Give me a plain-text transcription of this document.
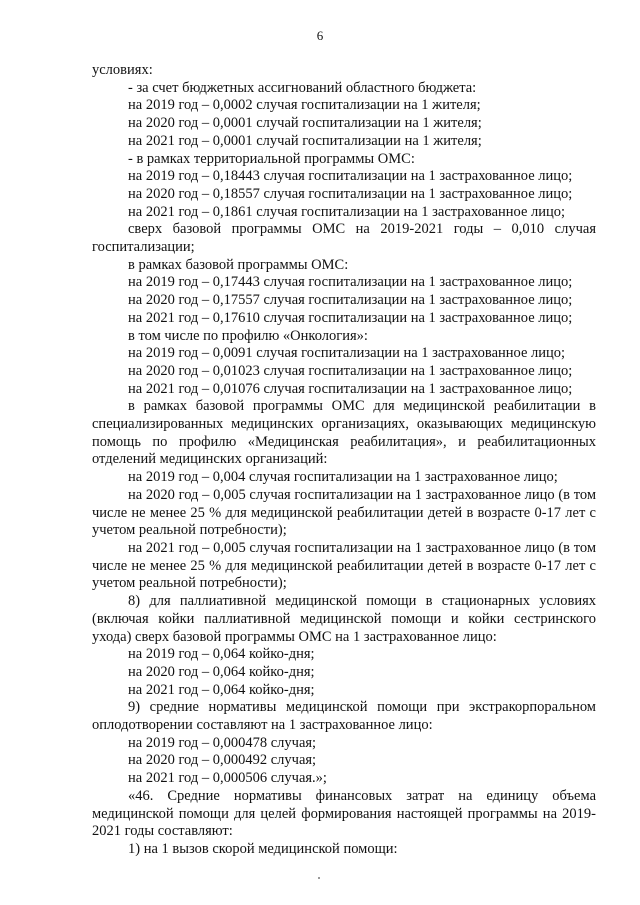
6

условиях:

- за счет бюджетных ассигнований областного бюджета:

на 2019 год – 0,0002 случая госпитализации на 1 жителя;

на 2020 год – 0,0001 случай госпитализации на 1 жителя;

на 2021 год – 0,0001 случай госпитализации на 1 жителя;

- в рамках территориальной программы ОМС:

на 2019 год – 0,18443 случая госпитализации на 1 застрахованное лицо;

на 2020 год – 0,18557 случая госпитализации на 1 застрахованное лицо;

на 2021 год – 0,1861 случая госпитализации на 1 застрахованное лицо;

сверх базовой программы ОМС на 2019-2021 годы – 0,010 случая госпитализации;

в рамках базовой программы ОМС:

на 2019 год – 0,17443 случая госпитализации на 1 застрахованное лицо;

на 2020 год – 0,17557 случая госпитализации на 1 застрахованное лицо;

на 2021 год – 0,17610 случая госпитализации на 1 застрахованное лицо;

в том числе по профилю «Онкология»:

на 2019 год – 0,0091 случая госпитализации на 1 застрахованное лицо;

на 2020 год – 0,01023 случая госпитализации на 1 застрахованное лицо;

на 2021 год – 0,01076 случая госпитализации на 1 застрахованное лицо;

в рамках базовой программы ОМС для медицинской реабилитации в специализированных медицинских организациях, оказывающих медицинскую помощь по профилю «Медицинская реабилитация», и реабилитационных отделений медицинских организаций:

на 2019 год – 0,004 случая госпитализации на 1 застрахованное лицо;

на 2020 год – 0,005 случая госпитализации на 1 застрахованное лицо (в том числе не менее 25 % для медицинской реабилитации детей в возрасте 0-17 лет с учетом реальной потребности);

на 2021 год – 0,005 случая госпитализации на 1 застрахованное лицо (в том числе не менее 25 % для медицинской реабилитации детей в возрасте 0-17 лет с учетом реальной потребности);

8) для паллиативной медицинской помощи в стационарных условиях (включая койки паллиативной медицинской помощи и койки сестринского ухода) сверх базовой программы ОМС на 1 застрахованное лицо:

на 2019 год – 0,064 койко-дня;

на 2020 год – 0,064 койко-дня;

на 2021 год – 0,064 койко-дня;

9) средние нормативы медицинской помощи при экстракорпоральном оплодотворении составляют на 1 застрахованное лицо:

на 2019 год – 0,000478 случая;

на 2020 год – 0,000492 случая;

на 2021 год – 0,000506 случая.»;

«46. Средние нормативы финансовых затрат на единицу объема медицинской помощи для целей формирования настоящей программы на 2019-2021 годы составляют:

1) на 1 вызов скорой медицинской помощи:
